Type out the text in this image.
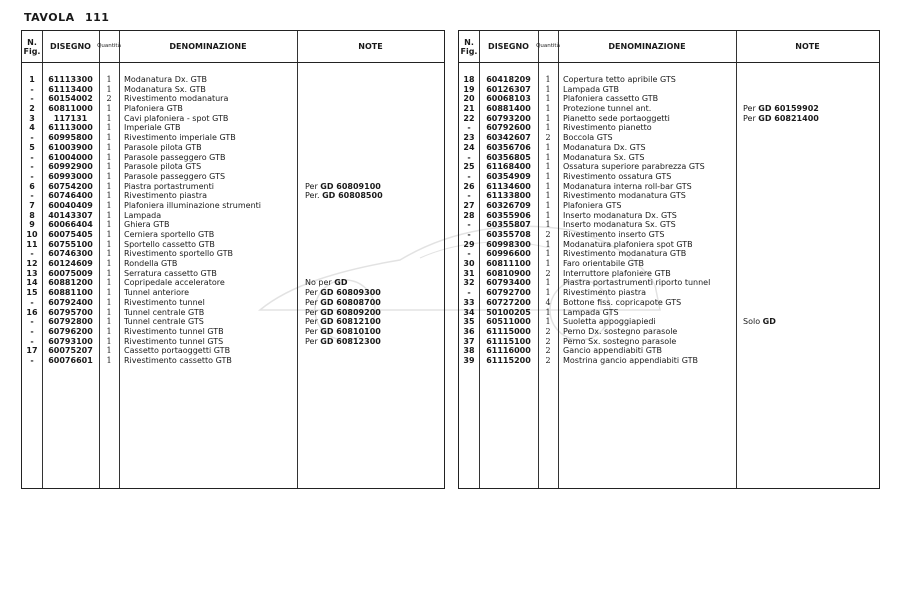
TAVOLA 111
N. Fig.	DISEGNO	Quantità	DENOMINAZIONE	NOTE
1	61113300	1	Modanatura Dx. GTB
-	61113400	1	Modanatura Sx. GTB
-	60154002	2	Rivestimento modanatura
2	60811000	1	Plafoniera GTB
3	117131	1	Cavi plafoniera - spot GTB
4	61113000	1	Imperiale GTB
-	60995800	1	Rivestimento imperiale GTB
5	61003900	1	Parasole pilota GTB
-	61004000	1	Parasole passeggero GTB
-	60992900	1	Parasole pilota GTS
-	60993000	1	Parasole passeggero GTS
6	60754200	1	Piastra portastrumenti	Per GD 60809100
-	60746400	1	Rivestimento piastra	Per. GD 60808500
7	60040409	1	Plafoniera illuminazione strumenti
8	40143307	1	Lampada
9	60066404	1	Ghiera GTB
10	60075405	1	Cerniera sportello GTB
11	60755100	1	Sportello cassetto GTB
-	60746300	1	Rivestimento sportello GTB
12	60124609	1	Rondella GTB
13	60075009	1	Serratura cassetto GTB
14	60881200	1	Copripedale acceleratore	No per GD
15	60881100	1	Tunnel anteriore	Per GD 60809300
-	60792400	1	Rivestimento tunnel	Per GD 60808700
16	60795700	1	Tunnel centrale GTB	Per GD 60809200
-	60792800	1	Tunnel centrale GTS	Per GD 60812100
-	60796200	1	Rivestimento tunnel GTB	Per GD 60810100
-	60793100	1	Rivestimento tunnel GTS	Per GD 60812300
17	60075207	1	Cassetto portaoggetti GTB
-	60076601	1	Rivestimento cassetto GTB
N. Fig.	DISEGNO	Quantità	DENOMINAZIONE	NOTE
18	60418209	1	Copertura tetto apribile GTS
19	60126307	1	Lampada GTB
20	60068103	1	Plafoniera cassetto GTB
21	60881400	1	Protezione tunnel ant.	Per GD 60159902
22	60793200	1	Pianetto sede portaoggetti	Per GD 60821400
-	60792600	1	Rivestimento pianetto
23	60342607	2	Boccola GTS
24	60356706	1	Modanatura Dx. GTS
-	60356805	1	Modanatura Sx. GTS
25	61168400	1	Ossatura superiore parabrezza GTS
-	60354909	1	Rivestimento ossatura GTS
26	61134600	1	Modanatura interna roll-bar GTS
-	61133800	1	Rivestimento modanatura GTS
27	60326709	1	Plafoniera GTS
28	60355906	1	Inserto modanatura Dx. GTS
-	60355807	1	Inserto modanatura Sx. GTS
-	60355708	2	Rivestimento inserto GTS
29	60998300	1	Modanatura plafoniera spot GTB
-	60996600	1	Rivestimento modanatura GTB
30	60811100	1	Faro orientabile GTB
31	60810900	2	Interruttore plafoniere GTB
32	60793400	1	Piastra portastrumenti riporto tunnel
-	60792700	1	Rivestimento piastra
33	60727200	4	Bottone fiss. copricapote GTS
34	50100205	1	Lampada GTS
35	60511000	1	Suoletta appoggiapiedi	Solo GD
36	61115000	2	Perno Dx. sostegno parasole
37	61115100	2	Perno Sx. sostegno parasole
38	61116000	2	Gancio appendiabiti GTB
39	61115200	2	Mostrina gancio appendiabiti GTB
